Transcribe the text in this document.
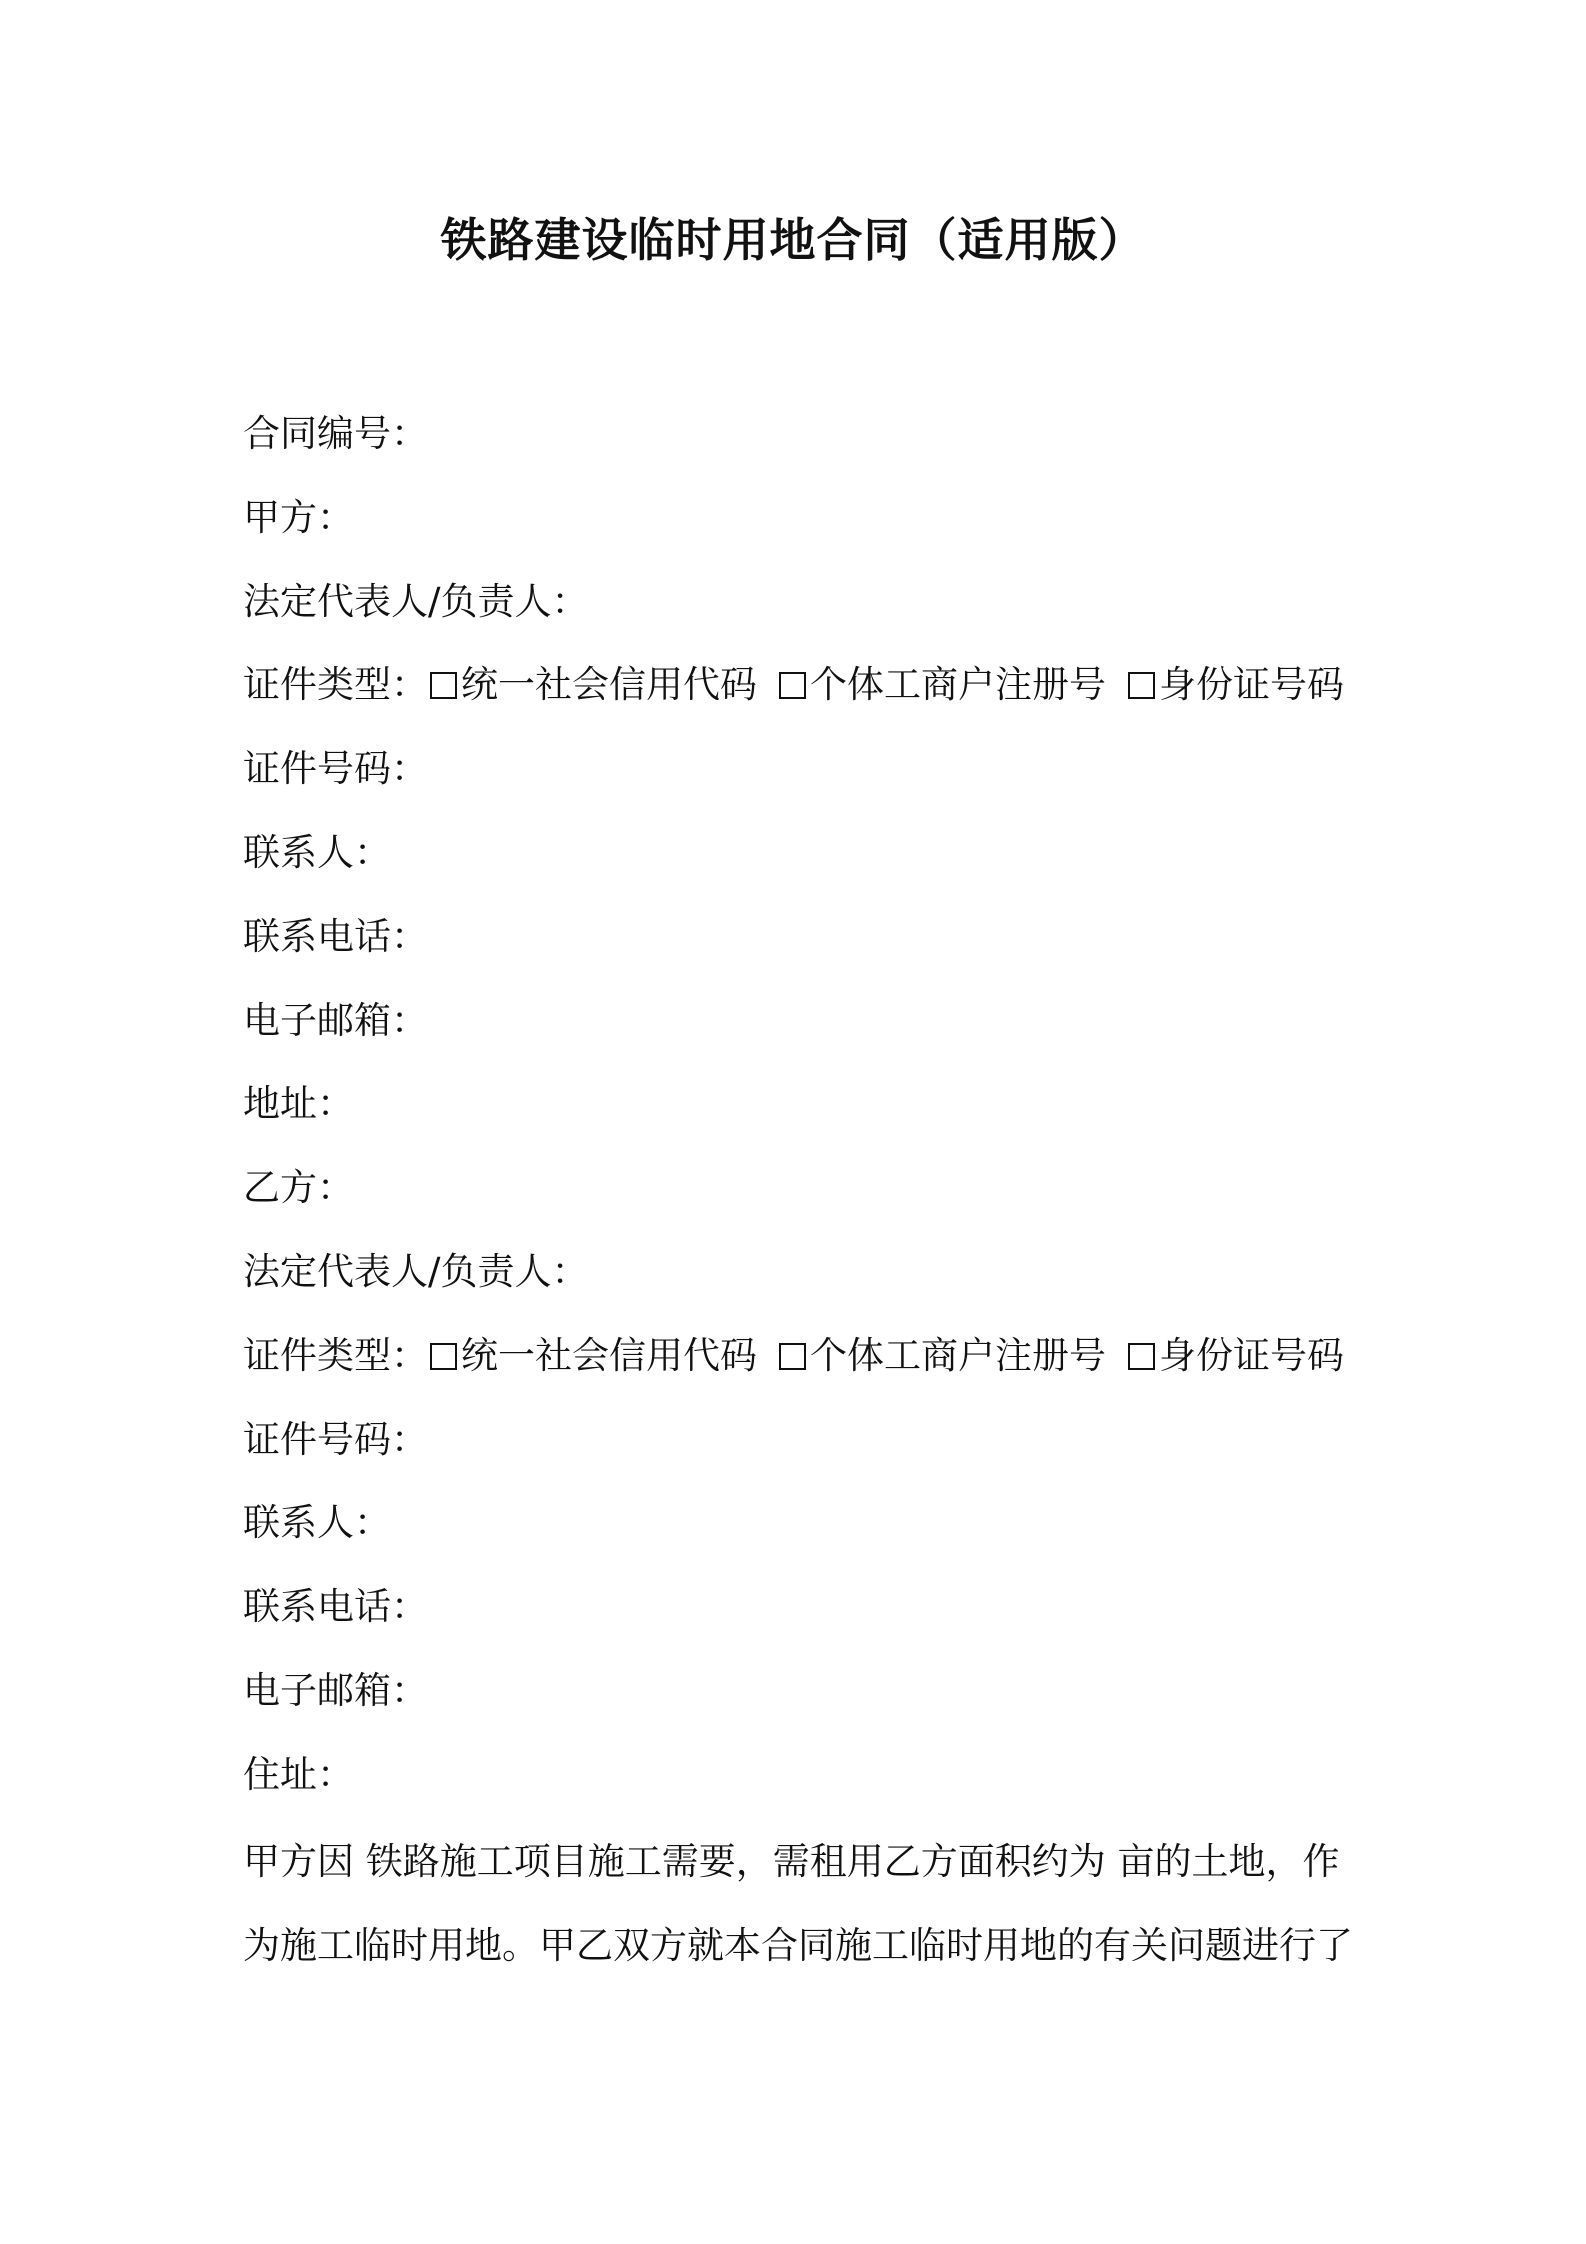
铁路建设临时用地合同（适用版）
合同编号：
甲方：
法定代表人/负责人：
证件类型： 统一社会信用代码 个体工商户注册号 身份证号码
证件号码：
联系人：
联系电话：
电子邮箱：
地址：
乙方：
法定代表人/负责人：
证件类型： 统一社会信用代码 个体工商户注册号 身份证号码
证件号码：
联系人：
联系电话：
电子邮箱：
住址：
甲方因 铁路施工项目施工需要，需租用乙方面积约为 亩的土地，作
为施工临时用地。甲乙双方就本合同施工临时用地的有关问题进行了
